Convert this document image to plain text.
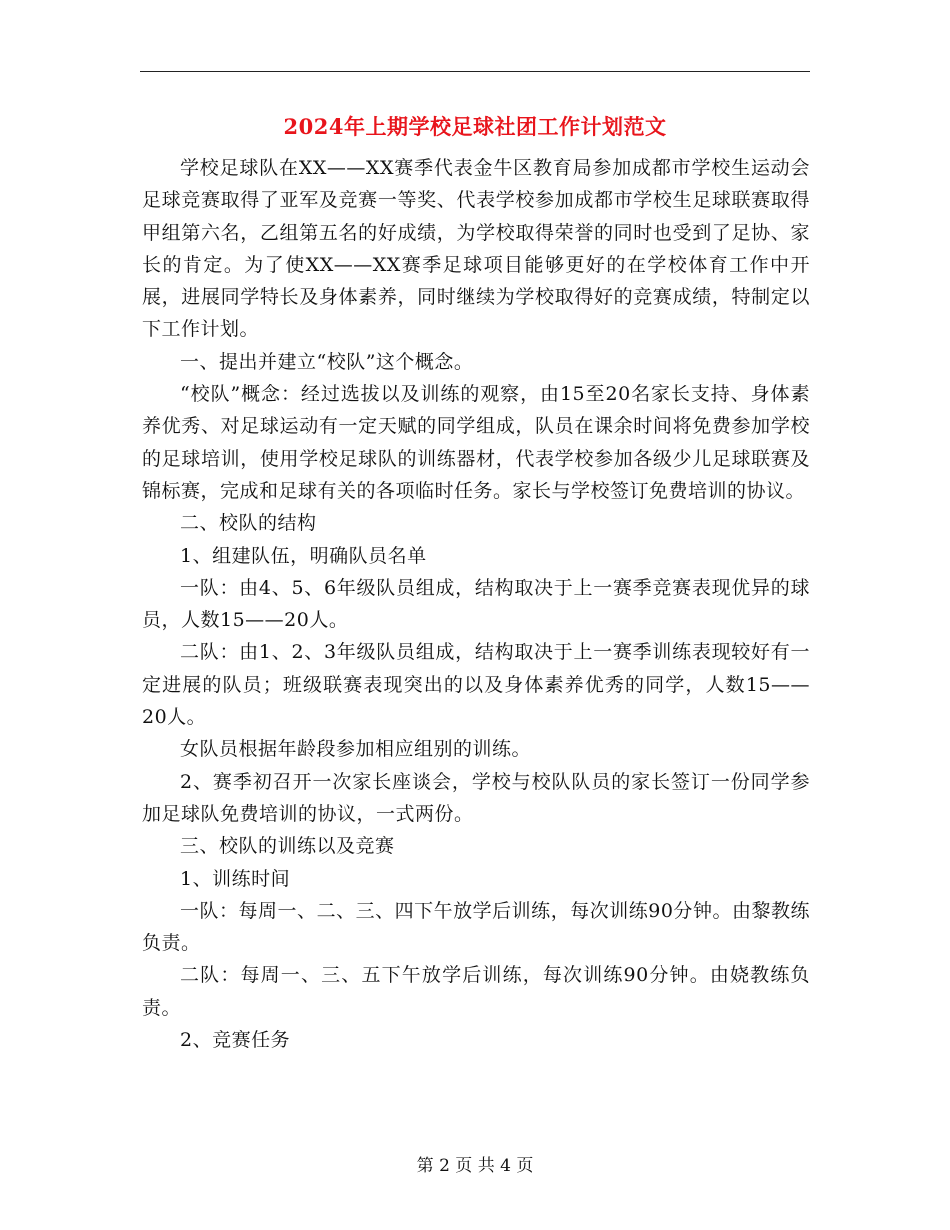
2024年上期学校足球社团工作计划范文

学校足球队在XX——XX赛季代表金牛区教育局参加成都市学校生运动会足球竞赛取得了亚军及竞赛一等奖、代表学校参加成都市学校生足球联赛取得甲组第六名，乙组第五名的好成绩，为学校取得荣誉的同时也受到了足协、家长的肯定。为了使XX——XX赛季足球项目能够更好的在学校体育工作中开展，进展同学特长及身体素养，同时继续为学校取得好的竞赛成绩，特制定以下工作计划。

一、提出并建立“校队”这个概念。

“校队”概念：经过选拔以及训练的观察，由15至20名家长支持、身体素养优秀、对足球运动有一定天赋的同学组成，队员在课余时间将免费参加学校的足球培训，使用学校足球队的训练器材，代表学校参加各级少儿足球联赛及锦标赛，完成和足球有关的各项临时任务。家长与学校签订免费培训的协议。

二、校队的结构

1、组建队伍，明确队员名单

一队：由4、5、6年级队员组成，结构取决于上一赛季竞赛表现优异的球员，人数15——20人。

二队：由1、2、3年级队员组成，结构取决于上一赛季训练表现较好有一定进展的队员；班级联赛表现突出的以及身体素养优秀的同学，人数15——20人。

女队员根据年龄段参加相应组别的训练。

2、赛季初召开一次家长座谈会，学校与校队队员的家长签订一份同学参加足球队免费培训的协议，一式两份。

三、校队的训练以及竞赛

1、训练时间

一队：每周一、二、三、四下午放学后训练，每次训练90分钟。由黎教练负责。

二队：每周一、三、五下午放学后训练，每次训练90分钟。由娆教练负责。

2、竞赛任务

第 2 页 共 4 页
